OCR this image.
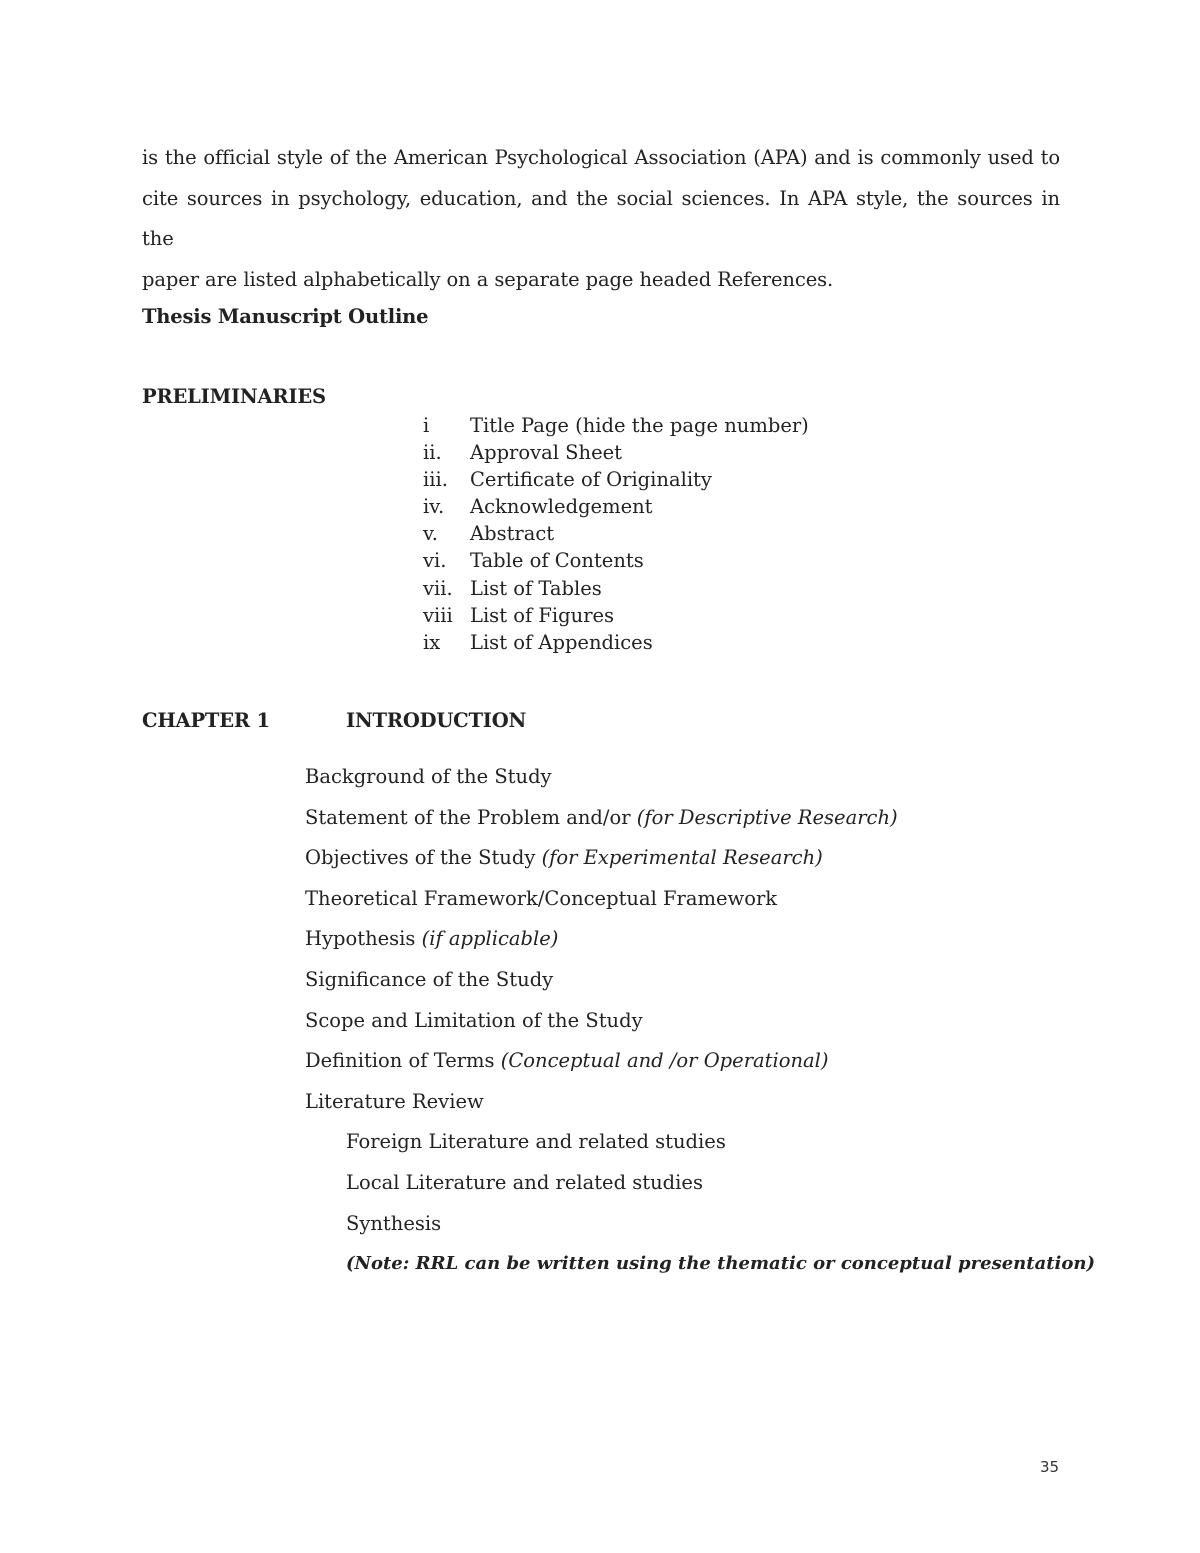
is the official style of the American Psychological Association (APA) and is commonly used to
cite sources in psychology, education, and the social sciences. In APA style, the sources in the
paper are listed alphabetically on a separate page headed References.
Thesis Manuscript Outline
PRELIMINARIES
i	Title Page (hide the page number)
ii.	Approval Sheet
iii.	Certificate of Originality
iv.	Acknowledgement
v.	Abstract
vi.	Table of Contents
vii. List of Tables
viii List of Figures
ix	List of Appendices
CHAPTER 1	INTRODUCTION
Background of the Study
Statement of the Problem and/or (for Descriptive Research)
Objectives of the Study (for Experimental Research)
Theoretical Framework/Conceptual Framework
Hypothesis (if applicable)
Significance of the Study
Scope and Limitation of the Study
Definition of Terms (Conceptual and /or Operational)
Literature Review
Foreign Literature and related studies
Local Literature and related studies
Synthesis
(Note: RRL can be written using the thematic or conceptual presentation)
35
